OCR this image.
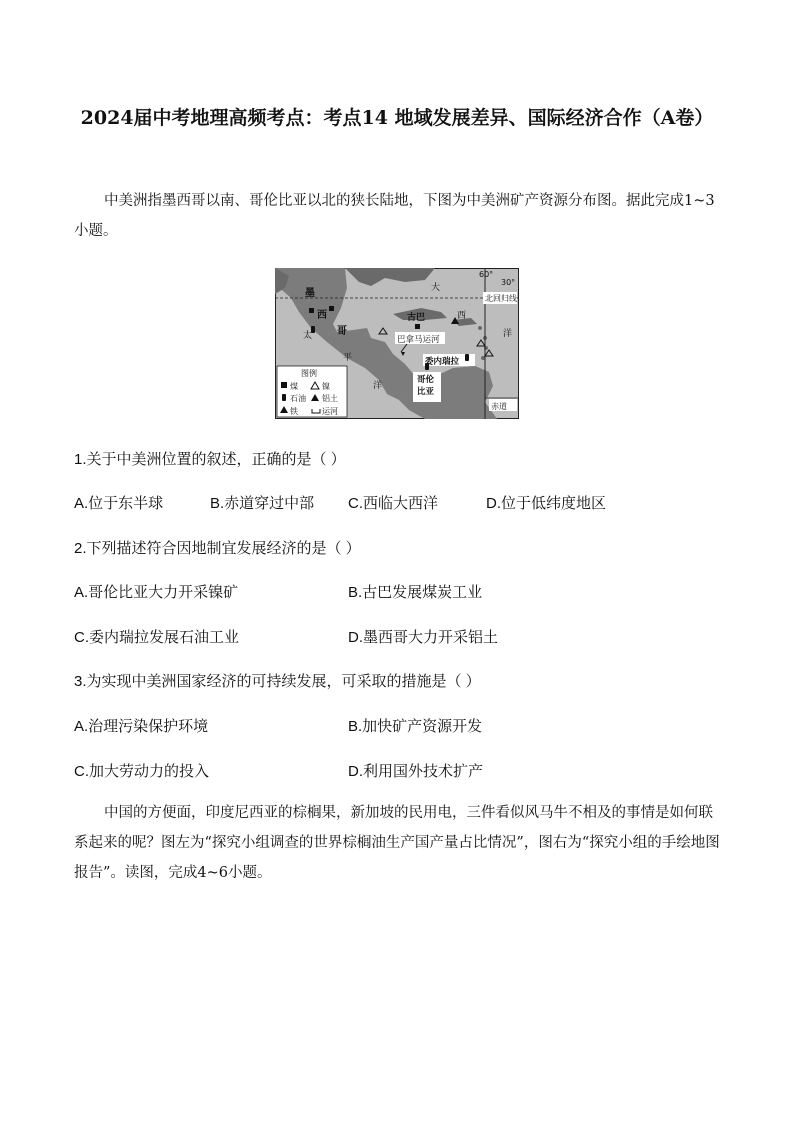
2024届中考地理高频考点：考点14 地域发展差异、国际经济合作（A卷）
中美洲指墨西哥以南、哥伦比亚以北的狭长陆地，下图为中美洲矿产资源分布图。据此完成1~3小题。
60°
30°
北回归线
赤道
墨
西
哥
古巴
大
西
洋
太
平
洋
巴拿马运河
委内瑞拉
哥伦
比亚
图例
煤	镍
石油 铝土
铁	运河
1.关于中美洲位置的叙述，正确的是（ ）
A.位于东半球	B.赤道穿过中部 C.西临大西洋	D.位于低纬度地区
2.下列描述符合因地制宜发展经济的是（ ）
A.哥伦比亚大力开采镍矿	B.古巴发展煤炭工业
C.委内瑞拉发展石油工业	D.墨西哥大力开采铝土
3.为实现中美洲国家经济的可持续发展，可采取的措施是（ ）
A.治理污染保护环境	B.加快矿产资源开发
C.加大劳动力的投入	D.利用国外技术扩产
中国的方便面，印度尼西亚的棕榈果，新加坡的民用电，三件看似风马牛不相及的事情是如何联系起来的呢？图左为“探究小组调查的世界棕榈油生产国产量占比情况”，图右为“探究小组的手绘地图报告”。读图，完成4~6小题。
